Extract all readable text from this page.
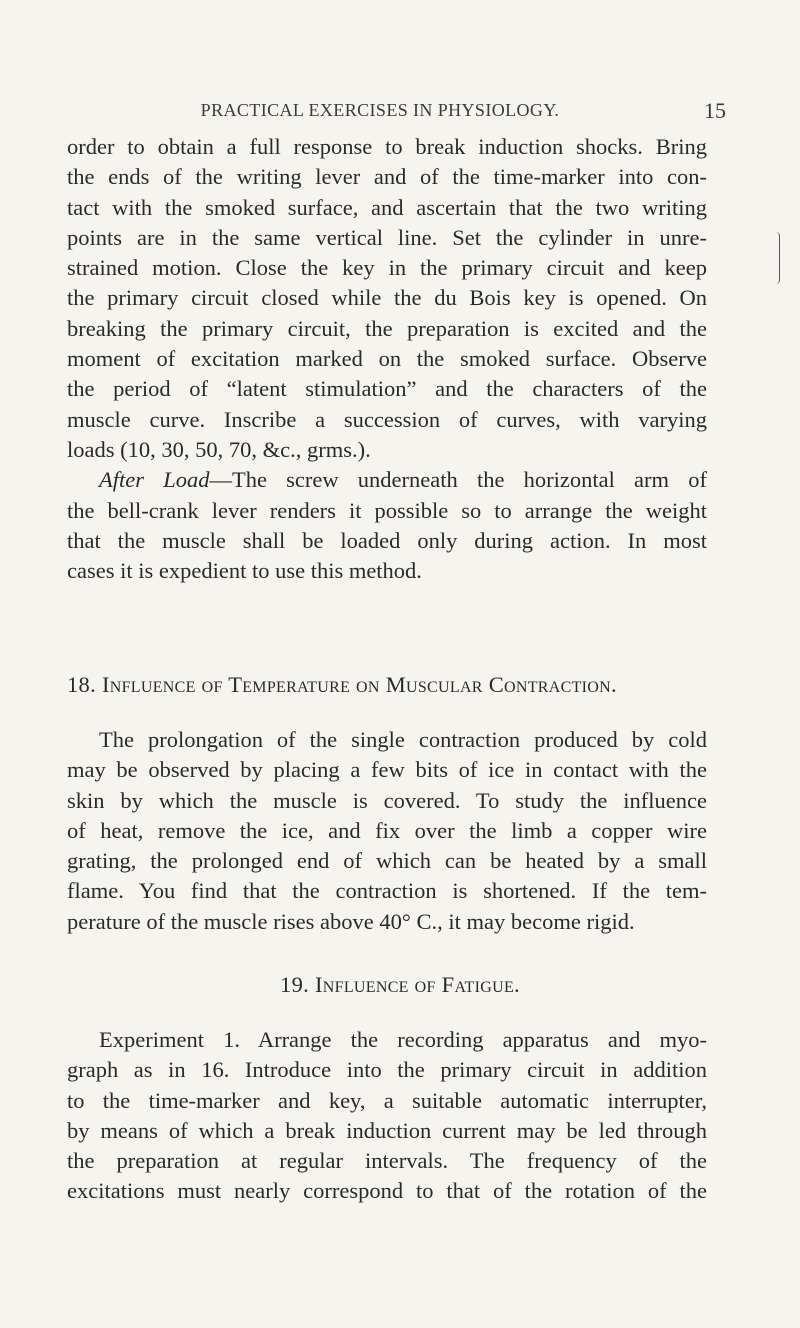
PRACTICAL EXERCISES IN PHYSIOLOGY.	15
order to obtain a full response to break induction shocks. Bring
the ends of the writing lever and of the time-marker into con-
tact with the smoked surface, and ascertain that the two writing
points are in the same vertical line. Set the cylinder in unre-
strained motion. Close the key in the primary circuit and keep
the primary circuit closed while the du Bois key is opened. On
breaking the primary circuit, the preparation is excited and the
moment of excitation marked on the smoked surface. Observe
the period of “latent stimulation” and the characters of the
muscle curve. Inscribe a succession of curves, with varying
loads (10, 30, 50, 70, &c., grms.).
After Load—The screw underneath the horizontal arm of
the bell-crank lever renders it possible so to arrange the weight
that the muscle shall be loaded only during action. In most
cases it is expedient to use this method.
18. Influence of Temperature on Muscular Contraction.
The prolongation of the single contraction produced by cold
may be observed by placing a few bits of ice in contact with the
skin by which the muscle is covered. To study the influence
of heat, remove the ice, and fix over the limb a copper wire
grating, the prolonged end of which can be heated by a small
flame. You find that the contraction is shortened. If the tem-
perature of the muscle rises above 40° C., it may become rigid.
19. Influence of Fatigue.
Experiment 1. Arrange the recording apparatus and myo-
graph as in 16. Introduce into the primary circuit in addition
to the time-marker and key, a suitable automatic interrupter,
by means of which a break induction current may be led through
the preparation at regular intervals. The frequency of the
excitations must nearly correspond to that of the rotation of the
